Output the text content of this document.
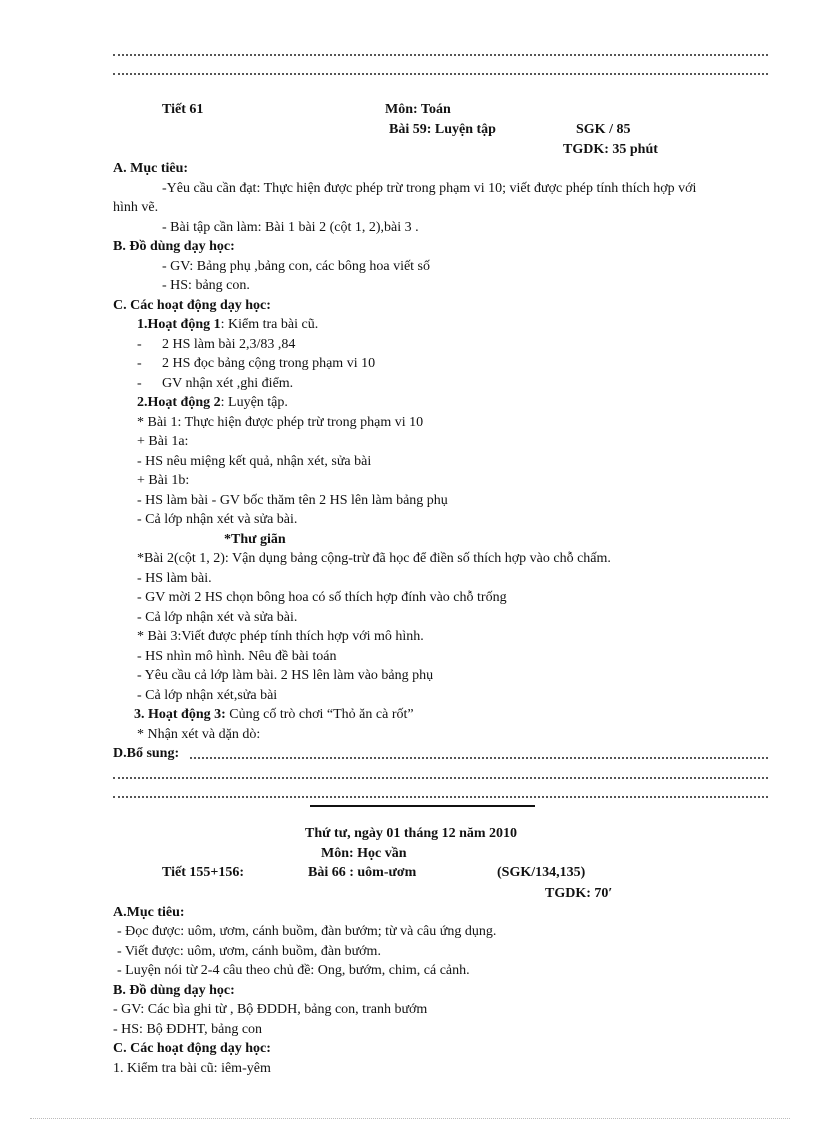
Tiết 61	Môn: Toán
Bài 59: Luyện tập	SGK / 85
TGDK: 35 phút
A. Mục tiêu:
-Yêu cầu cần đạt: Thực hiện được phép trừ trong phạm vi 10; viết được phép tính thích hợp với
hình vẽ.
- Bài tập cần làm: Bài 1 bài 2 (cột 1, 2),bài 3 .
B. Đồ dùng dạy học:
- GV: Bảng phụ ,bảng con, các bông hoa viết số
- HS: bảng con.
C. Các hoạt động dạy học:
1.Hoạt động 1: Kiểm tra bài cũ.
- 2 HS làm bài 2,3/83 ,84
- 2 HS đọc bảng cộng trong phạm vi 10
- GV nhận xét ,ghi điểm.
2.Hoạt động 2: Luyện tập.
* Bài 1: Thực hiện được phép trừ trong phạm vi 10
+ Bài 1a:
- HS nêu miệng kết quả, nhận xét, sửa bài
+ Bài 1b:
- HS làm bài - GV bốc thăm tên 2 HS lên làm bảng phụ
- Cả lớp nhận xét và sửa bài.
*Thư giãn
*Bài 2(cột 1, 2): Vận dụng bảng cộng-trừ đã học để điền số thích hợp vào chỗ chấm.
- HS làm bài.
- GV mời 2 HS chọn bông hoa có số thích hợp đính vào chỗ trống
- Cả lớp nhận xét và sửa bài.
* Bài 3:Viết được phép tính thích hợp với mô hình.
- HS nhìn mô hình. Nêu đề bài toán
- Yêu cầu cả lớp làm bài. 2 HS lên làm vào bảng phụ
- Cả lớp nhận xét,sửa bài
3. Hoạt động 3: Củng cố trò chơi “Thỏ ăn cà rốt”
* Nhận xét và dặn dò:
D.Bổ sung:
Thứ tư, ngày 01 tháng 12 năm 2010
Môn: Học vần
Tiết 155+156:	Bài 66 : uôm-ươm	(SGK/134,135)
TGDK: 70′
A.Mục tiêu:
- Đọc được: uôm, ươm, cánh buồm, đàn bướm; từ và câu ứng dụng.
- Viết được: uôm, ươm, cánh buồm, đàn bướm.
- Luyện nói từ 2-4 câu theo chủ đề: Ong, bướm, chim, cá cảnh.
B. Đồ dùng dạy học:
- GV: Các bìa ghi từ , Bộ ĐDDH, bảng con, tranh bướm
- HS: Bộ ĐDHT, bảng con
C. Các hoạt động dạy học:
1. Kiểm tra bài cũ: iêm-yêm
